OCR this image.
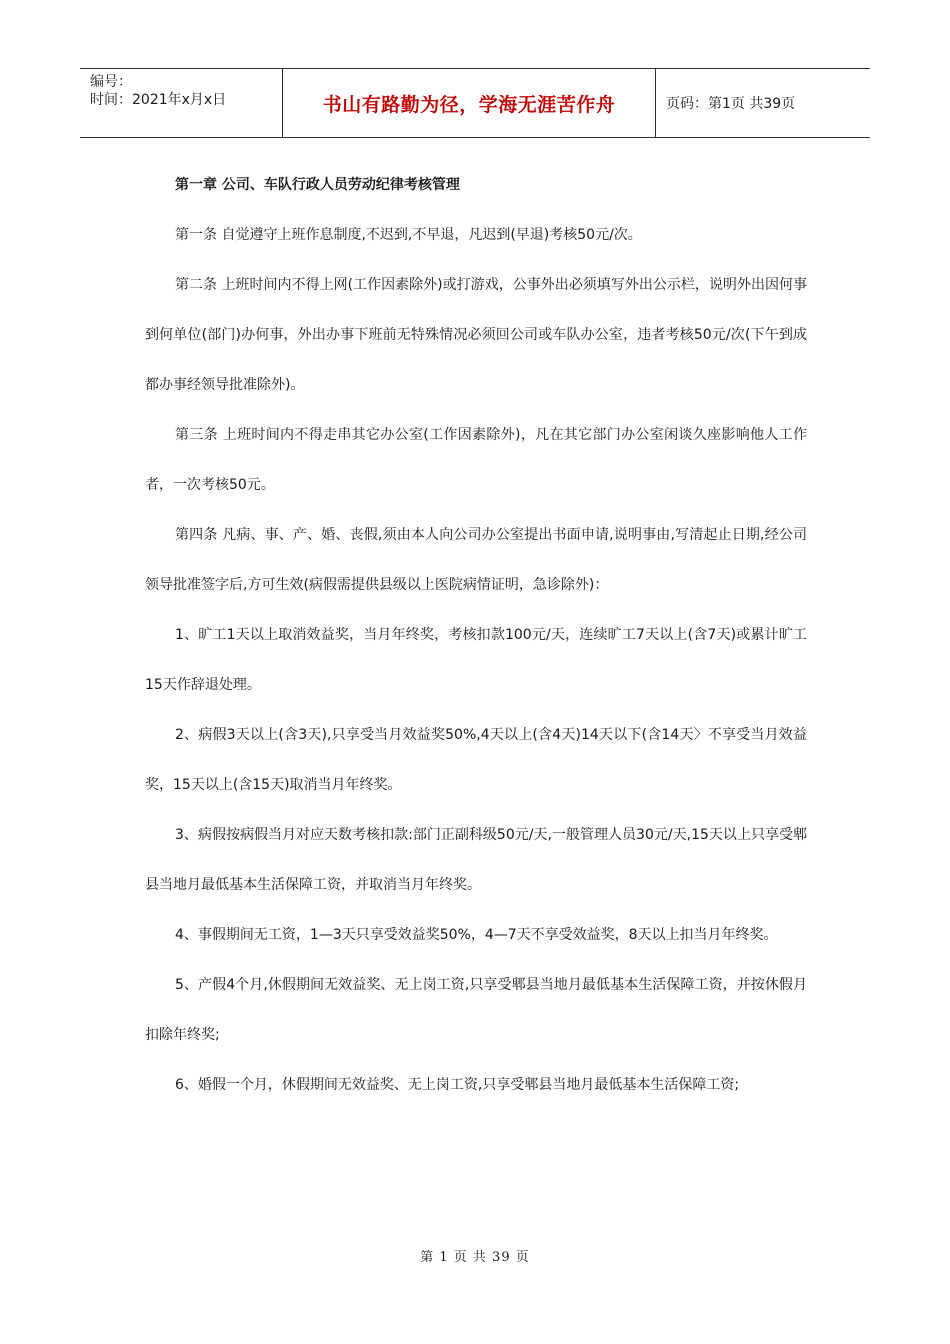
编号：
时间：2021年x月x日	书山有路勤为径，学海无涯苦作舟	页码：第1页 共39页

第一章 公司、车队行政人员劳动纪律考核管理

第一条 自觉遵守上班作息制度,不迟到,不早退，凡迟到(早退)考核50元/次。

第二条 上班时间内不得上网(工作因素除外)或打游戏，公事外出必须填写外出公示栏，说明外出因何事到何单位(部门)办何事，外出办事下班前无特殊情况必须回公司或车队办公室，违者考核50元/次(下午到成都办事经领导批准除外)。

第三条 上班时间内不得走串其它办公室(工作因素除外)，凡在其它部门办公室闲谈久座影响他人工作者，一次考核50元。

第四条 凡病、事、产、婚、丧假,须由本人向公司办公室提出书面申请,说明事由,写清起止日期,经公司领导批准签字后,方可生效(病假需提供县级以上医院病情证明，急诊除外)：

1、旷工1天以上取消效益奖，当月年终奖，考核扣款100元/天，连续旷工7天以上(含7天)或累计旷工15天作辞退处理。

2、病假3天以上(含3天),只享受当月效益奖50%,4天以上(含4天)14天以下(含14天〉不享受当月效益奖，15天以上(含15天)取消当月年终奖。

3、病假按病假当月对应天数考核扣款:部门正副科级50元/天,一般管理人员30元/天,15天以上只享受郫县当地月最低基本生活保障工资，并取消当月年终奖。

4、事假期间无工资，1—3天只享受效益奖50%，4—7天不享受效益奖，8天以上扣当月年终奖。

5、产假4个月,休假期间无效益奖、无上岗工资,只享受郫县当地月最低基本生活保障工资，并按休假月扣除年终奖;

6、婚假一个月，休假期间无效益奖、无上岗工资,只享受郫县当地月最低基本生活保障工资;

第 1 页 共 39 页
